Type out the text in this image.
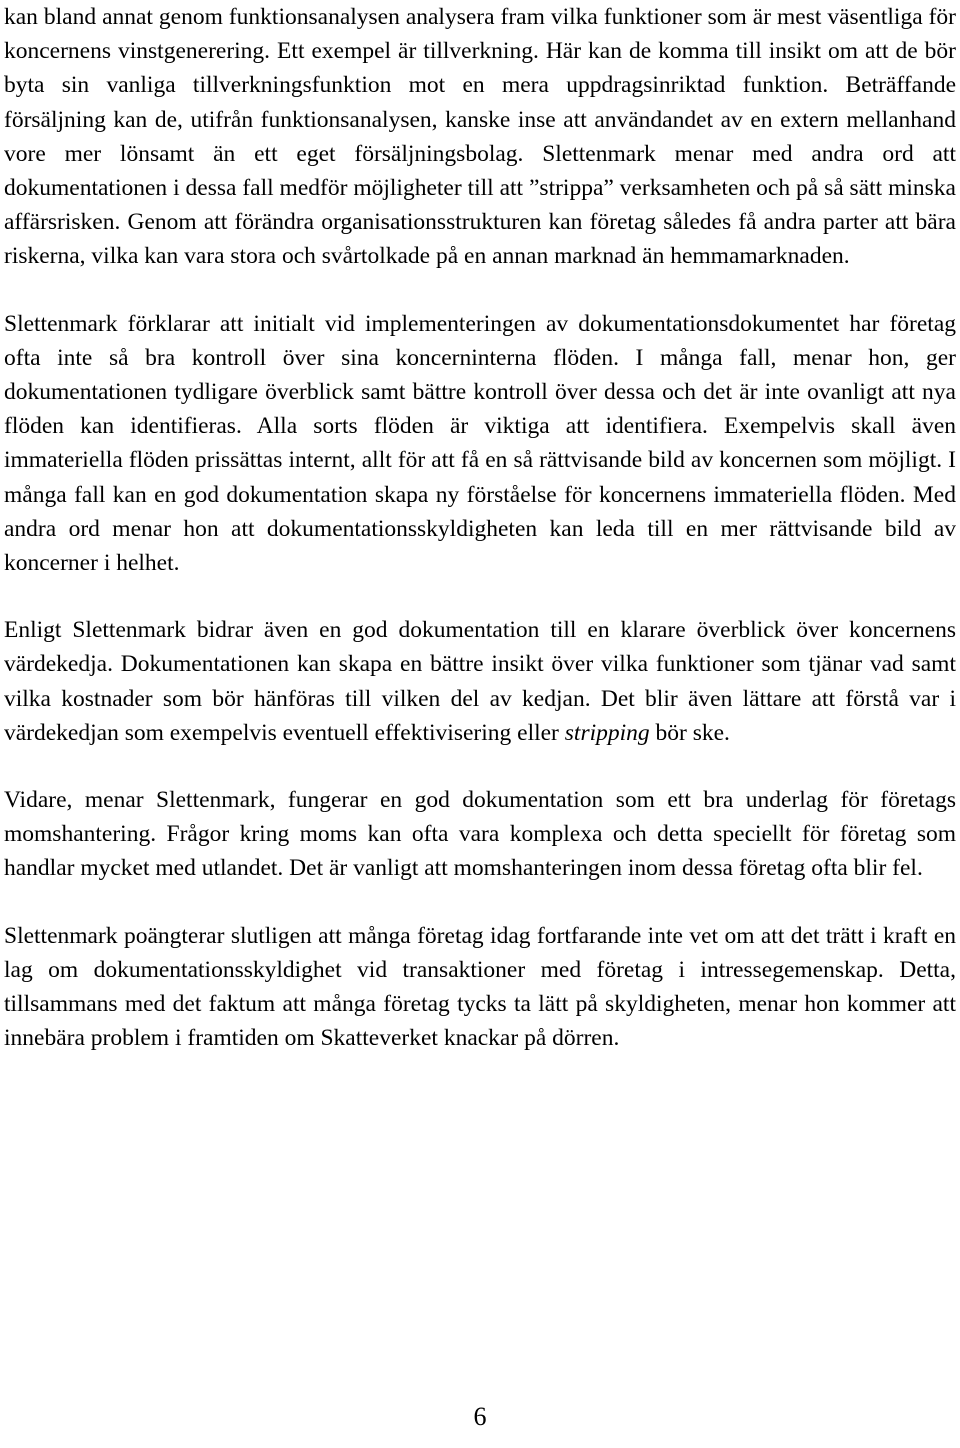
kan bland annat genom funktionsanalysen analysera fram vilka funktioner som är mest väsentliga för koncernens vinstgenerering. Ett exempel är tillverkning. Här kan de komma till insikt om att de bör byta sin vanliga tillverkningsfunktion mot en mera uppdragsinriktad funktion. Beträffande försäljning kan de, utifrån funktionsanalysen, kanske inse att användandet av en extern mellanhand vore mer lönsamt än ett eget försäljningsbolag. Slettenmark menar med andra ord att dokumentationen i dessa fall medför möjligheter till att ”strippa” verksamheten och på så sätt minska affärsrisken. Genom att förändra organisationsstrukturen kan företag således få andra parter att bära riskerna, vilka kan vara stora och svårtolkade på en annan marknad än hemmamarknaden.

Slettenmark förklarar att initialt vid implementeringen av dokumentationsdokumentet har företag ofta inte så bra kontroll över sina koncerninterna flöden. I många fall, menar hon, ger dokumentationen tydligare överblick samt bättre kontroll över dessa och det är inte ovanligt att nya flöden kan identifieras. Alla sorts flöden är viktiga att identifiera. Exempelvis skall även immateriella flöden prissättas internt, allt för att få en så rättvisande bild av koncernen som möjligt. I många fall kan en god dokumentation skapa ny förståelse för koncernens immateriella flöden. Med andra ord menar hon att dokumentationsskyldigheten kan leda till en mer rättvisande bild av koncerner i helhet.

Enligt Slettenmark bidrar även en god dokumentation till en klarare överblick över koncernens värdekedja. Dokumentationen kan skapa en bättre insikt över vilka funktioner som tjänar vad samt vilka kostnader som bör hänföras till vilken del av kedjan. Det blir även lättare att förstå var i värdekedjan som exempelvis eventuell effektivisering eller stripping bör ske.

Vidare, menar Slettenmark, fungerar en god dokumentation som ett bra underlag för företags momshantering. Frågor kring moms kan ofta vara komplexa och detta speciellt för företag som handlar mycket med utlandet. Det är vanligt att momshanteringen inom dessa företag ofta blir fel.

Slettenmark poängterar slutligen att många företag idag fortfarande inte vet om att det trätt i kraft en lag om dokumentationsskyldighet vid transaktioner med företag i intressegemenskap. Detta, tillsammans med det faktum att många företag tycks ta lätt på skyldigheten, menar hon kommer att innebära problem i framtiden om Skatteverket knackar på dörren.

6
